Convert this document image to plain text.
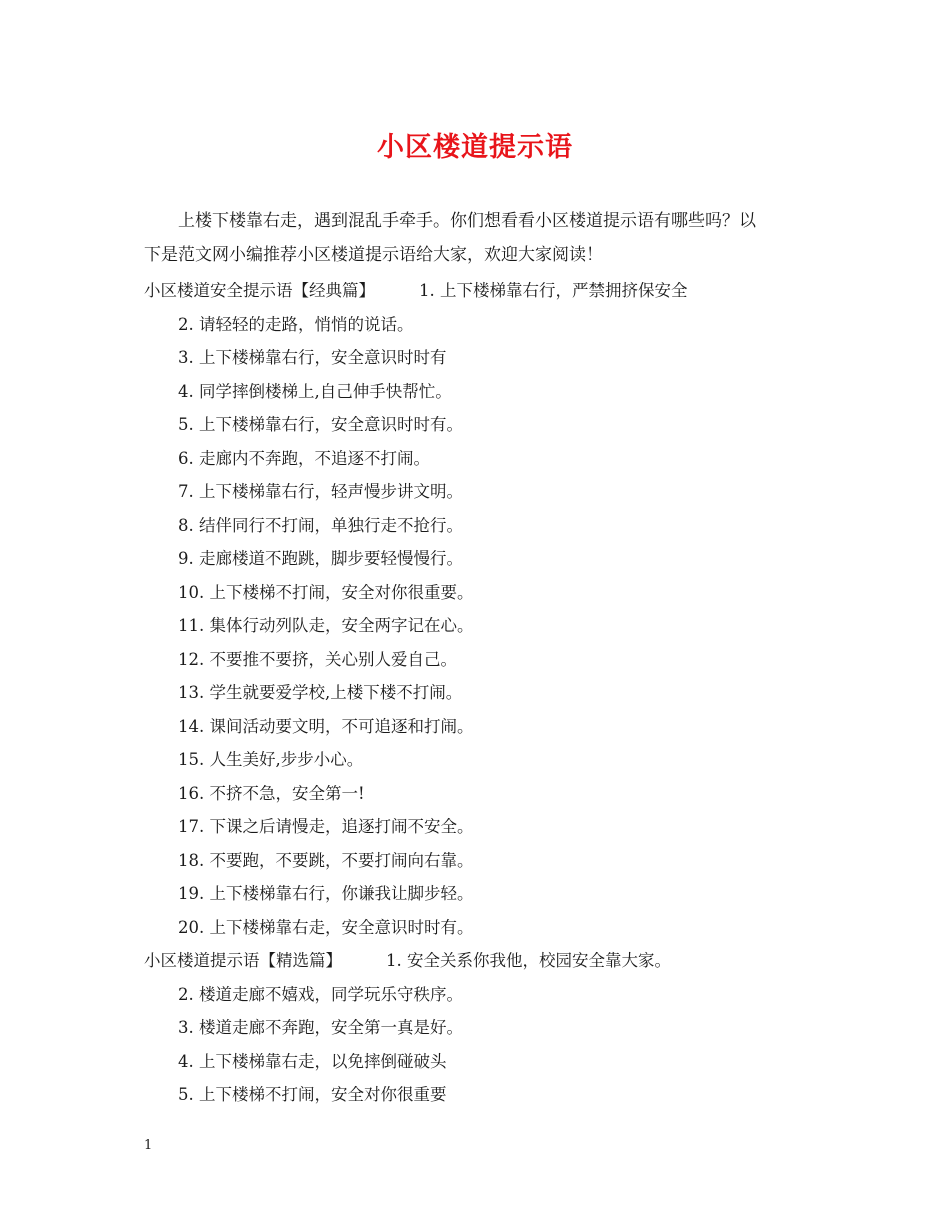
小区楼道提示语
上楼下楼靠右走，遇到混乱手牵手。你们想看看小区楼道提示语有哪些吗？以
下是范文网小编推荐小区楼道提示语给大家，欢迎大家阅读！
小区楼道安全提示语【经典篇】	1. 上下楼梯靠右行，严禁拥挤保安全
2. 请轻轻的走路，悄悄的说话。
3. 上下楼梯靠右行，安全意识时时有
4. 同学摔倒楼梯上,自己伸手快帮忙。
5. 上下楼梯靠右行，安全意识时时有。
6. 走廊内不奔跑，不追逐不打闹。
7. 上下楼梯靠右行，轻声慢步讲文明。
8. 结伴同行不打闹，单独行走不抢行。
9. 走廊楼道不跑跳，脚步要轻慢慢行。
10. 上下楼梯不打闹，安全对你很重要。
11. 集体行动列队走，安全两字记在心。
12. 不要推不要挤，关心别人爱自己。
13. 学生就要爱学校,上楼下楼不打闹。
14. 课间活动要文明，不可追逐和打闹。
15. 人生美好,步步小心。
16. 不挤不急，安全第一!
17. 下课之后请慢走，追逐打闹不安全。
18. 不要跑，不要跳，不要打闹向右靠。
19. 上下楼梯靠右行，你谦我让脚步轻。
20. 上下楼梯靠右走，安全意识时时有。
小区楼道提示语【精选篇】	1. 安全关系你我他，校园安全靠大家。
2. 楼道走廊不嬉戏，同学玩乐守秩序。
3. 楼道走廊不奔跑，安全第一真是好。
4. 上下楼梯靠右走，以免摔倒碰破头
5. 上下楼梯不打闹，安全对你很重要
1
